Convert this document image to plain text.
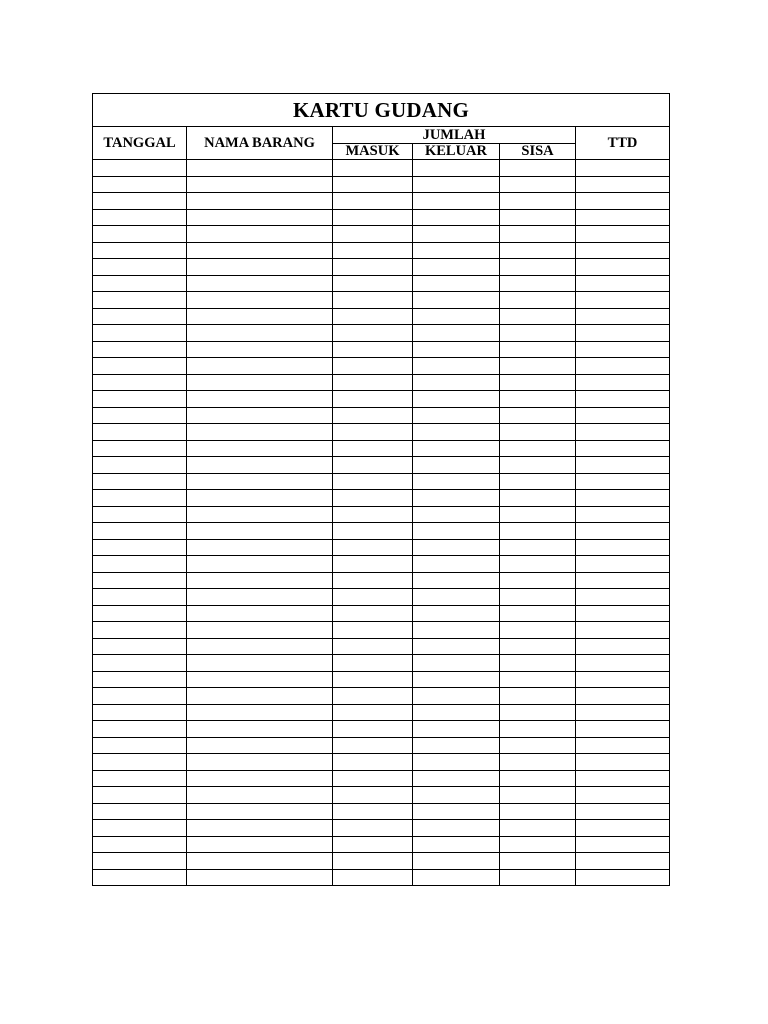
KARTU GUDANG					
TANGGAL	NAMA BARANG	JUMLAH			TTD
		MASUK	KELUAR	SISA	
